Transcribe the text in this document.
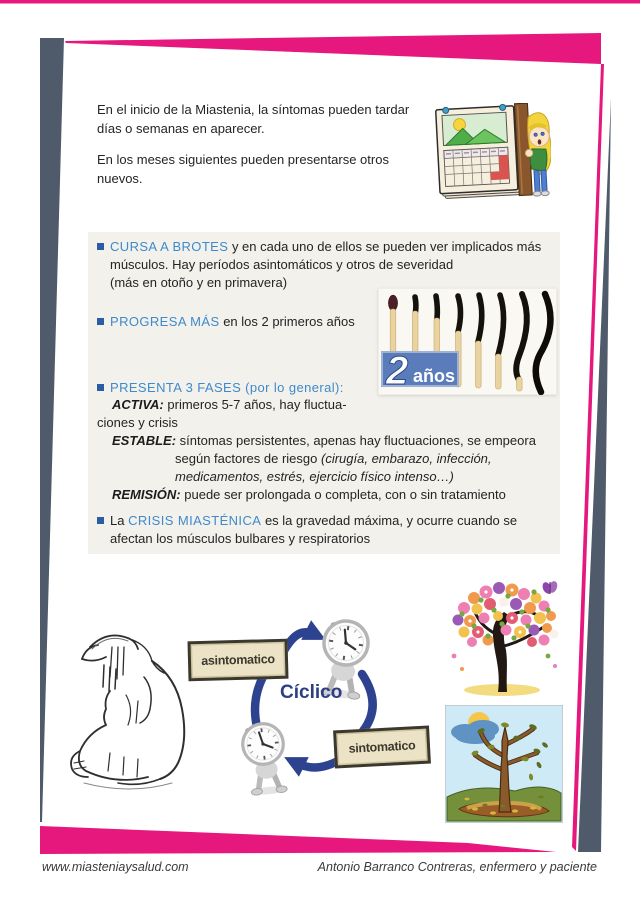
En el inicio de la Miastenia, la síntomas pueden tardar días o semanas en aparecer.

En los meses siguientes pueden presentarse otros nuevos.

CURSA A BROTES y en cada uno de ellos se pueden ver implicados más músculos. Hay períodos asintomáticos y otros de severidad
(más en otoño y en primavera)
PROGRESA MÁS en los 2 primeros años
PRESENTA 3 FASES (por lo general):
ACTIVA: primeros 5-7 años, hay fluctua-
ciones y crisis
ESTABLE: síntomas persistentes, apenas hay fluctuaciones, se empeora
según factores de riesgo (cirugía, embarazo, infección, medicamentos, estrés, ejercicio físico intenso…)
REMISIÓN: puede ser prolongada o completa, con o sin tratamiento
La CRISIS MIASTÉNICA es la gravedad máxima, y ocurre cuando se afectan los músculos bulbares y respiratorios
2 años
asintomatico
Cíclico
sintomatico
www.miasteniaysalud.com	Antonio Barranco Contreras, enfermero y paciente
